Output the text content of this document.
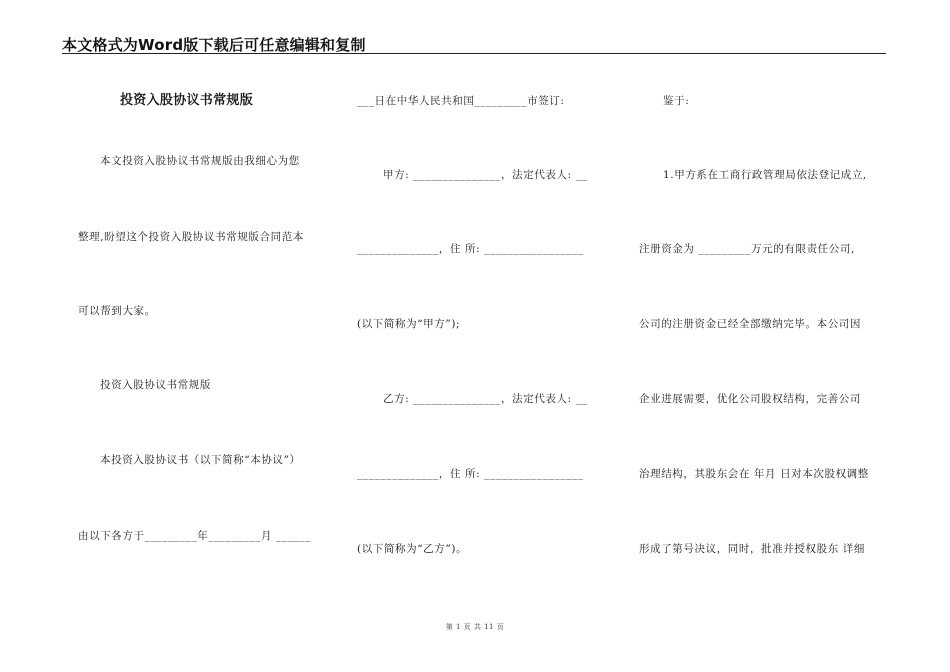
本文格式为Word版下载后可任意编辑和复制
投资入股协议书常规版
本文投资入股协议书常规版由我细心为您
整理,盼望这个投资入股协议书常规版合同范本
可以帮到大家。
投资入股协议书常规版
本投资入股协议书（以下简称“本协议”）
由以下各方于_________年_________月 ______
___日在中华人民共和国_________市签订:
甲方: _______________，法定代表人: __
______________，住 所: _________________
(以下简称为“甲方”);
乙方: _______________，法定代表人: __
______________，住 所: _________________
(以下简称为“乙方”)。
鉴于:
1.甲方系在工商行政管理局依法登记成立,
注册资金为 _________万元的有限责任公司,
公司的注册资金已经全部缴纳完毕。本公司因
企业进展需要，优化公司股权结构，完善公司
治理结构，其股东会在 年月 日对本次股权调整
形成了第号决议，同时，批准并授权股东 详细
第 1 页 共 11 页
